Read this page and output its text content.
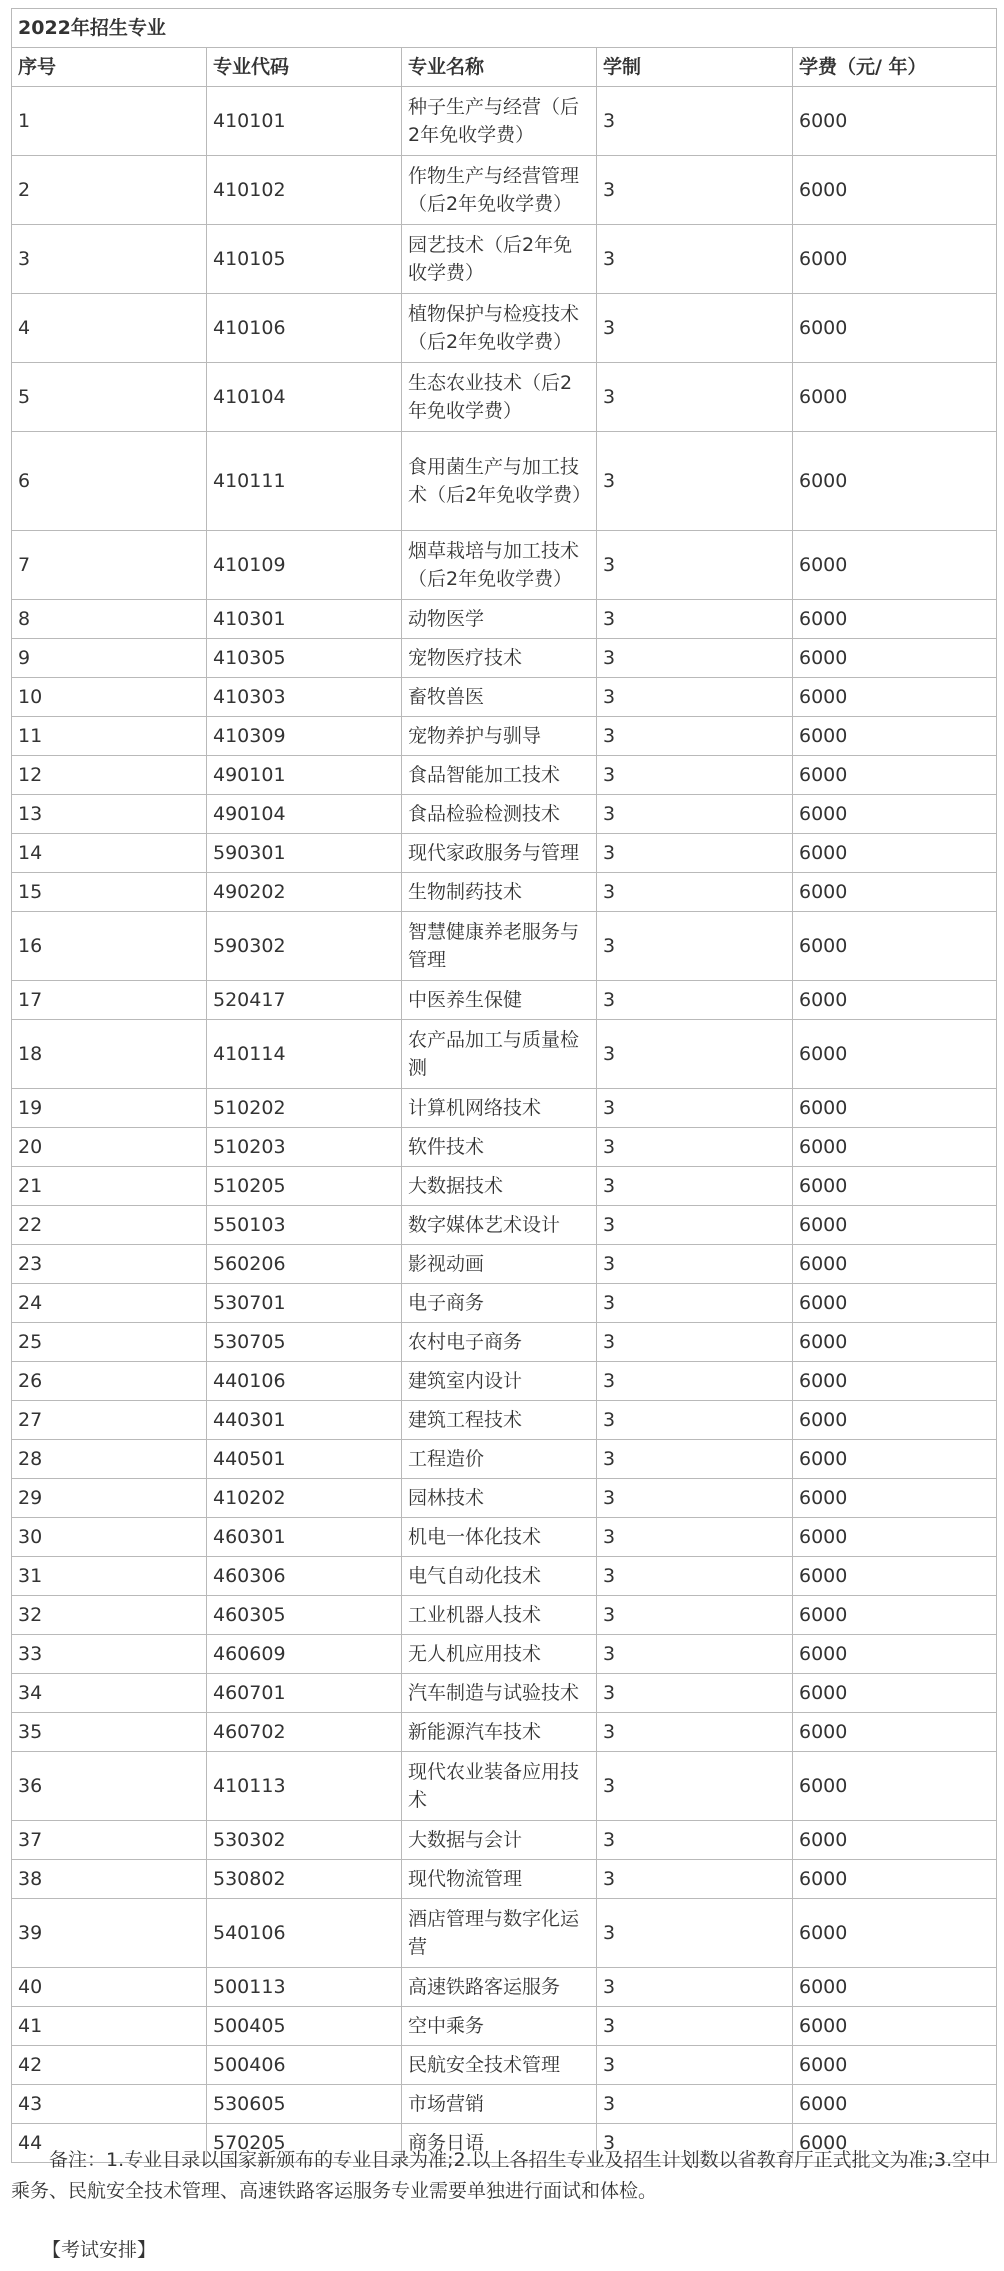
2022年招生专业				
序号	专业代码	专业名称	学制	学费（元/ 年）
1	410101	种子生产与经营（后2年免收学费）	3	6000
2	410102	作物生产与经营管理（后2年免收学费）	3	6000
3	410105	园艺技术（后2年免收学费）	3	6000
4	410106	植物保护与检疫技术（后2年免收学费）	3	6000
5	410104	生态农业技术（后2年免收学费）	3	6000
6	410111	食用菌生产与加工技术（后2年免收学费）	3	6000
7	410109	烟草栽培与加工技术（后2年免收学费）	3	6000
8	410301	动物医学	3	6000
9	410305	宠物医疗技术	3	6000
10	410303	畜牧兽医	3	6000
11	410309	宠物养护与驯导	3	6000
12	490101	食品智能加工技术	3	6000
13	490104	食品检验检测技术	3	6000
14	590301	现代家政服务与管理	3	6000
15	490202	生物制药技术	3	6000
16	590302	智慧健康养老服务与管理	3	6000
17	520417	中医养生保健	3	6000
18	410114	农产品加工与质量检测	3	6000
19	510202	计算机网络技术	3	6000
20	510203	软件技术	3	6000
21	510205	大数据技术	3	6000
22	550103	数字媒体艺术设计	3	6000
23	560206	影视动画	3	6000
24	530701	电子商务	3	6000
25	530705	农村电子商务	3	6000
26	440106	建筑室内设计	3	6000
27	440301	建筑工程技术	3	6000
28	440501	工程造价	3	6000
29	410202	园林技术	3	6000
30	460301	机电一体化技术	3	6000
31	460306	电气自动化技术	3	6000
32	460305	工业机器人技术	3	6000
33	460609	无人机应用技术	3	6000
34	460701	汽车制造与试验技术	3	6000
35	460702	新能源汽车技术	3	6000
36	410113	现代农业装备应用技术	3	6000
37	530302	大数据与会计	3	6000
38	530802	现代物流管理	3	6000
39	540106	酒店管理与数字化运营	3	6000
40	500113	高速铁路客运服务	3	6000
41	500405	空中乘务	3	6000
42	500406	民航安全技术管理	3	6000
43	530605	市场营销	3	6000
44	570205	商务日语	3	6000
备注：1.专业目录以国家新颁布的专业目录为准;2.以上各招生专业及招生计划数以省教育厅正式批文为准;3.空中乘务、民航安全技术管理、高速铁路客运服务专业需要单独进行面试和体检。
【考试安排】
